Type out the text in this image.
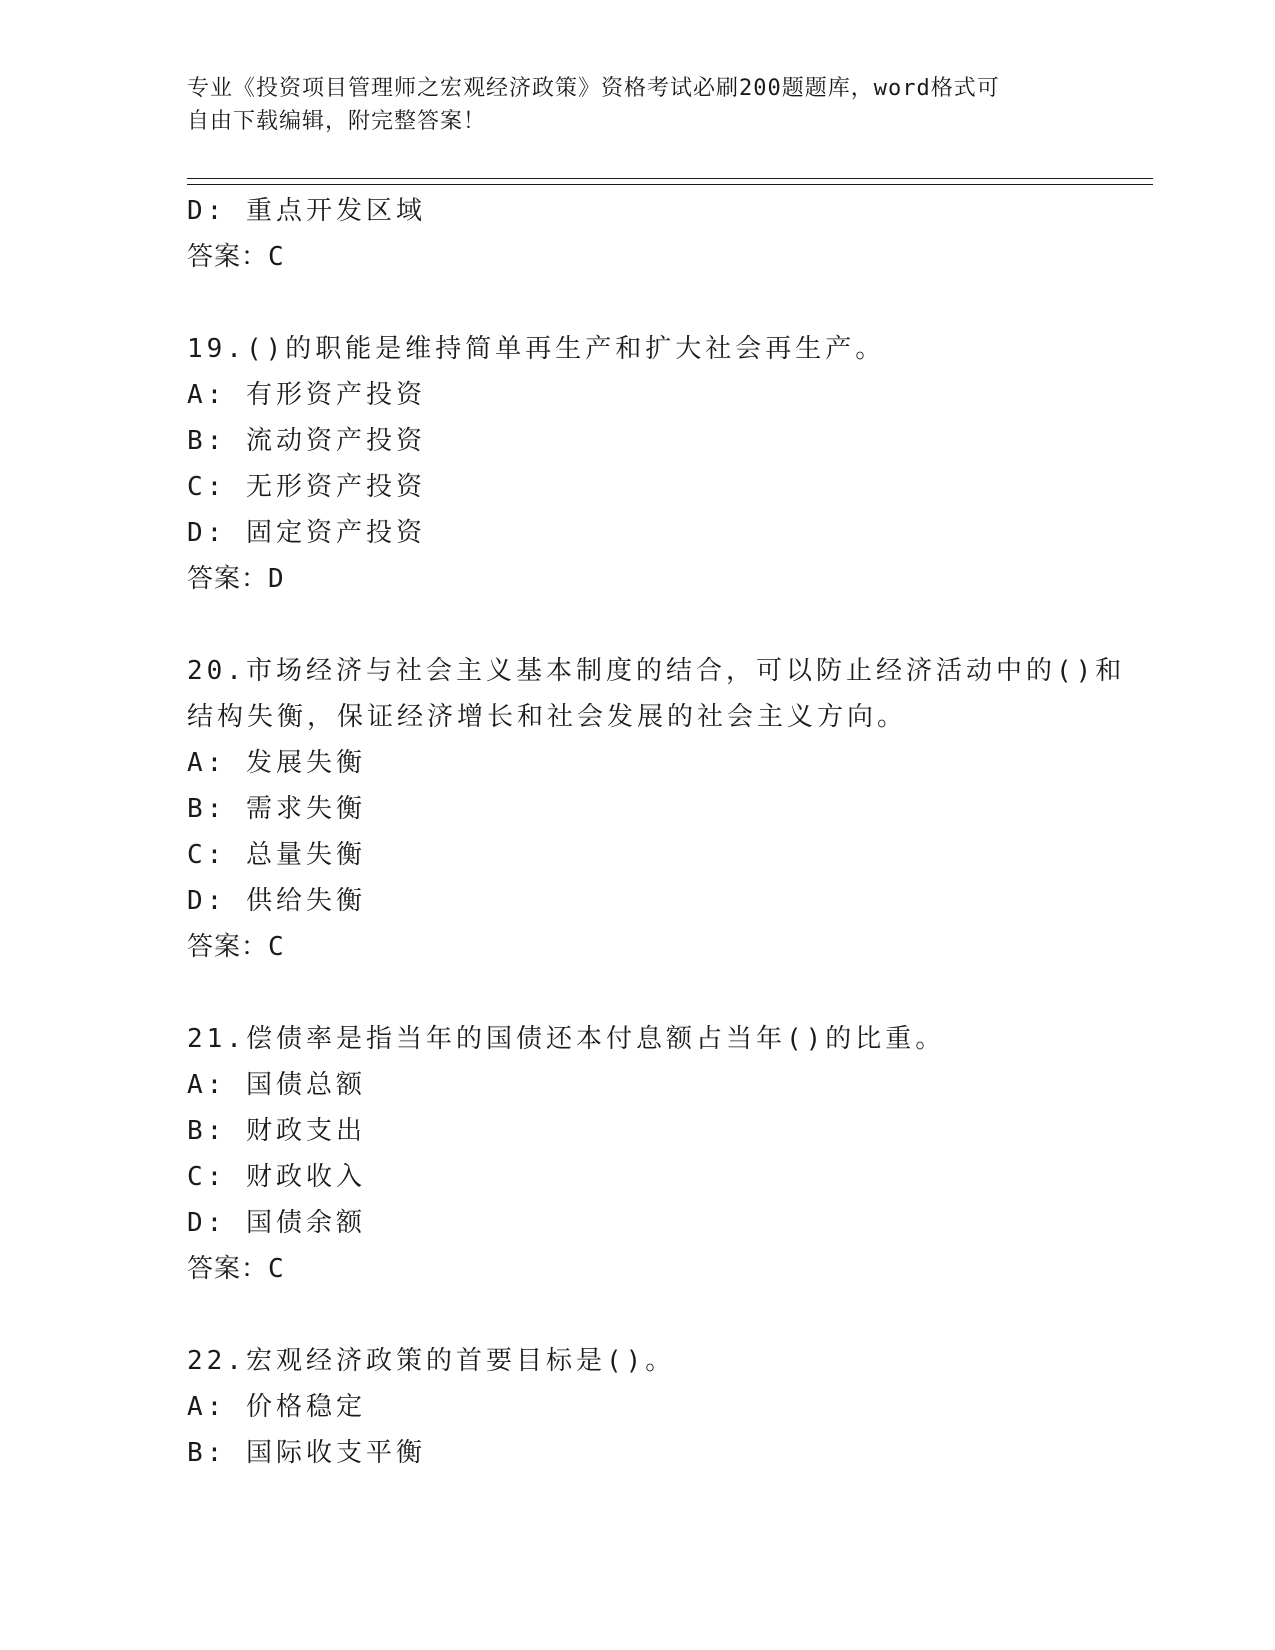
专业《投资项目管理师之宏观经济政策》资格考试必刷200题题库，word格式可
自由下载编辑，附完整答案！
D: 重点开发区域
答案：C
19.()的职能是维持简单再生产和扩大社会再生产。
A: 有形资产投资
B: 流动资产投资
C: 无形资产投资
D: 固定资产投资
答案：D
20.市场经济与社会主义基本制度的结合，可以防止经济活动中的()和
结构失衡，保证经济增长和社会发展的社会主义方向。
A: 发展失衡
B: 需求失衡
C: 总量失衡
D: 供给失衡
答案：C
21.偿债率是指当年的国债还本付息额占当年()的比重。
A: 国债总额
B: 财政支出
C: 财政收入
D: 国债余额
答案：C
22.宏观经济政策的首要目标是()。
A: 价格稳定
B: 国际收支平衡
